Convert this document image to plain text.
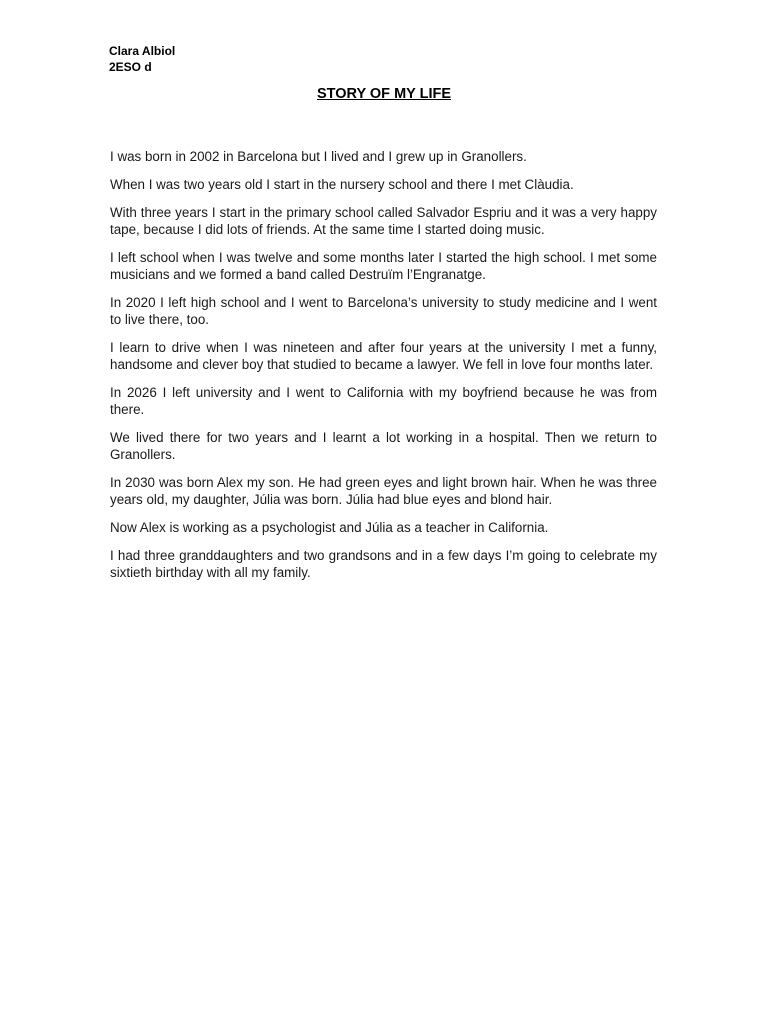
Clara Albiol
2ESO d
STORY OF MY LIFE

I was born in 2002 in Barcelona but I lived and I grew up in Granollers.

When I was two years old I start in the nursery school and there I met Clàudia.

With three years I start in the primary school called Salvador Espriu and it was a very happy tape, because I did lots of friends. At the same time I started doing music.

I left school when I was twelve and some months later I started the high school. I met some musicians and we formed a band called Destruïm l’Engranatge.

In 2020 I left high school and I went to Barcelona’s university to study medicine and I went to live there, too.

I learn to drive when I was nineteen and after four years at the university I met a funny, handsome and clever boy that studied to became a lawyer. We fell in love four months later.

In 2026 I left university and I went to California with my boyfriend because he was from there.

We lived there for two years and I learnt a lot working in a hospital. Then we return to Granollers.

In 2030 was born Alex my son. He had green eyes and light brown hair. When he was three years old, my daughter, Júlia was born. Júlia had blue eyes and blond hair.

Now Alex is working as a psychologist and Júlia as a teacher in California.

I had three granddaughters and two grandsons and in a few days I’m going to celebrate my sixtieth birthday with all my family.
